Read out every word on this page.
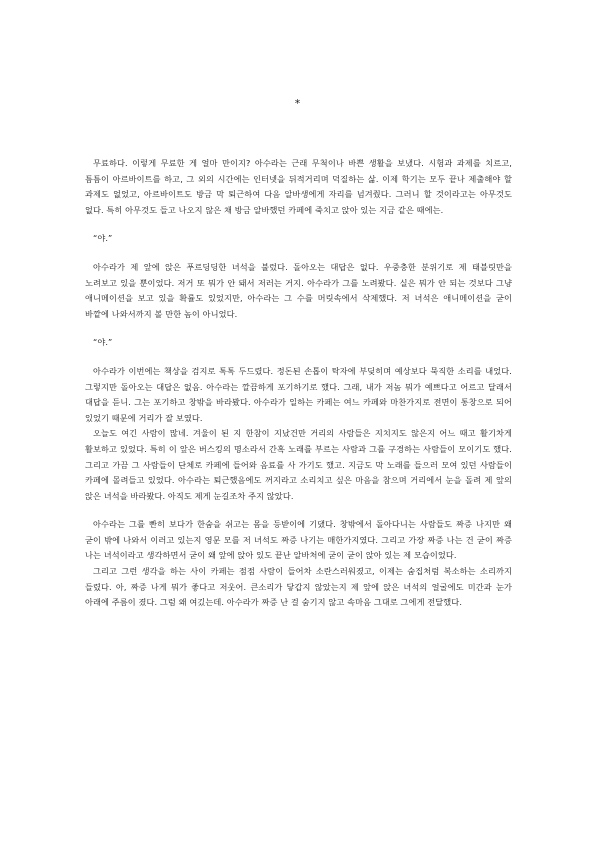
*

무료하다. 이렇게 무료한 게 얼마 만이지? 아수라는 근래 무척이나 바쁜 생활을 보냈다. 시험과 과제를 치르고, 틈틈이 아르바이트를 하고, 그 외의 시간에는 인터넷을 뒤적거리며 덕질하는 삶. 이제 학기는 모두 끝나 제출해야 할 과제도 없었고, 아르바이트도 방금 막 퇴근하여 다음 알바생에게 자리를 넘겨줬다. 그러니 할 것이라고는 아무것도 없다. 특히 아무것도 들고 나오지 않은 채 방금 알바했던 카페에 죽치고 앉아 있는 지금 같은 때에는.

“야.”

아수라가 제 앞에 앉은 푸르딩딩한 녀석을 불렀다. 돌아오는 대답은 없다. 우중충한 분위기로 제 태블릿만을 노려보고 있을 뿐이었다. 저거 또 뭐가 안 돼서 저러는 거지. 아수라가 그를 노려봤다. 실은 뭐가 안 되는 것보다 그냥 애니메이션을 보고 있을 확률도 있었지만, 아수라는 그 수를 머릿속에서 삭제했다. 저 녀석은 애니메이션을 굳이 바깥에 나와서까지 볼 만한 놈이 아니었다.

“야.”

아수라가 이번에는 책상을 검지로 톡톡 두드렸다. 정돈된 손톱이 탁자에 부딪히며 예상보다 묵직한 소리를 내었다. 그렇지만 돌아오는 대답은 없음. 아수라는 깔끔하게 포기하기로 했다. 그래, 내가 저놈 뭐가 예쁘다고 어르고 달래서 대답을 듣니. 그는 포기하고 창밖을 바라봤다. 아수라가 일하는 카페는 여느 카페와 마찬가지로 전면이 통창으로 되어 있었기 때문에 거리가 잘 보였다.

오늘도 여긴 사람이 많네. 겨울이 된 지 한참이 지났건만 거리의 사람들은 지치지도 않은지 어느 때고 활기차게 활보하고 있었다. 특히 이 앞은 버스킹의 명소라서 간혹 노래를 부르는 사람과 그를 구경하는 사람들이 모이기도 했다. 그리고 가끔 그 사람들이 단체로 카페에 들어와 음료를 사 가기도 했고. 지금도 막 노래를 들으러 모여 있던 사람들이 카페에 몰려들고 있었다. 아수라는 퇴근했음에도 꺼지라고 소리치고 싶은 마음을 참으며 거리에서 눈을 돌려 제 앞의 앉은 녀석을 바라봤다. 아직도 제게 눈길조차 주지 않았다.

아수라는 그를 빤히 보다가 한숨을 쉬고는 몸을 등받이에 기댔다. 창밖에서 돌아다니는 사람들도 짜증 나지만 왜 굳이 밖에 나와서 이러고 있는지 영문 모를 저 녀석도 짜증 나기는 매한가지였다. 그리고 가장 짜증 나는 건 굳이 짜증 나는 녀석이라고 생각하면서 굳이 왜 앞에 앉아 있도 끝난 알바처에 굳이 굳이 앉아 있는 제 모습이었다.

그리고 그런 생각을 하는 사이 카페는 점점 사람이 들어차 소란스러워졌고, 이제는 숨집처럼 복소하는 소리까지 들렸다. 아, 짜증 나게 뭐가 좋다고 저웃어. 큰소리가 닿갑지 않았는지 제 앞에 앉은 녀석의 얼굴에도 미간과 눈가 아래에 주름이 졌다. 그럼 왜 여깄는데. 아수라가 짜증 난 걸 숨기지 않고 속마음 그대로 그에게 전달했다.
